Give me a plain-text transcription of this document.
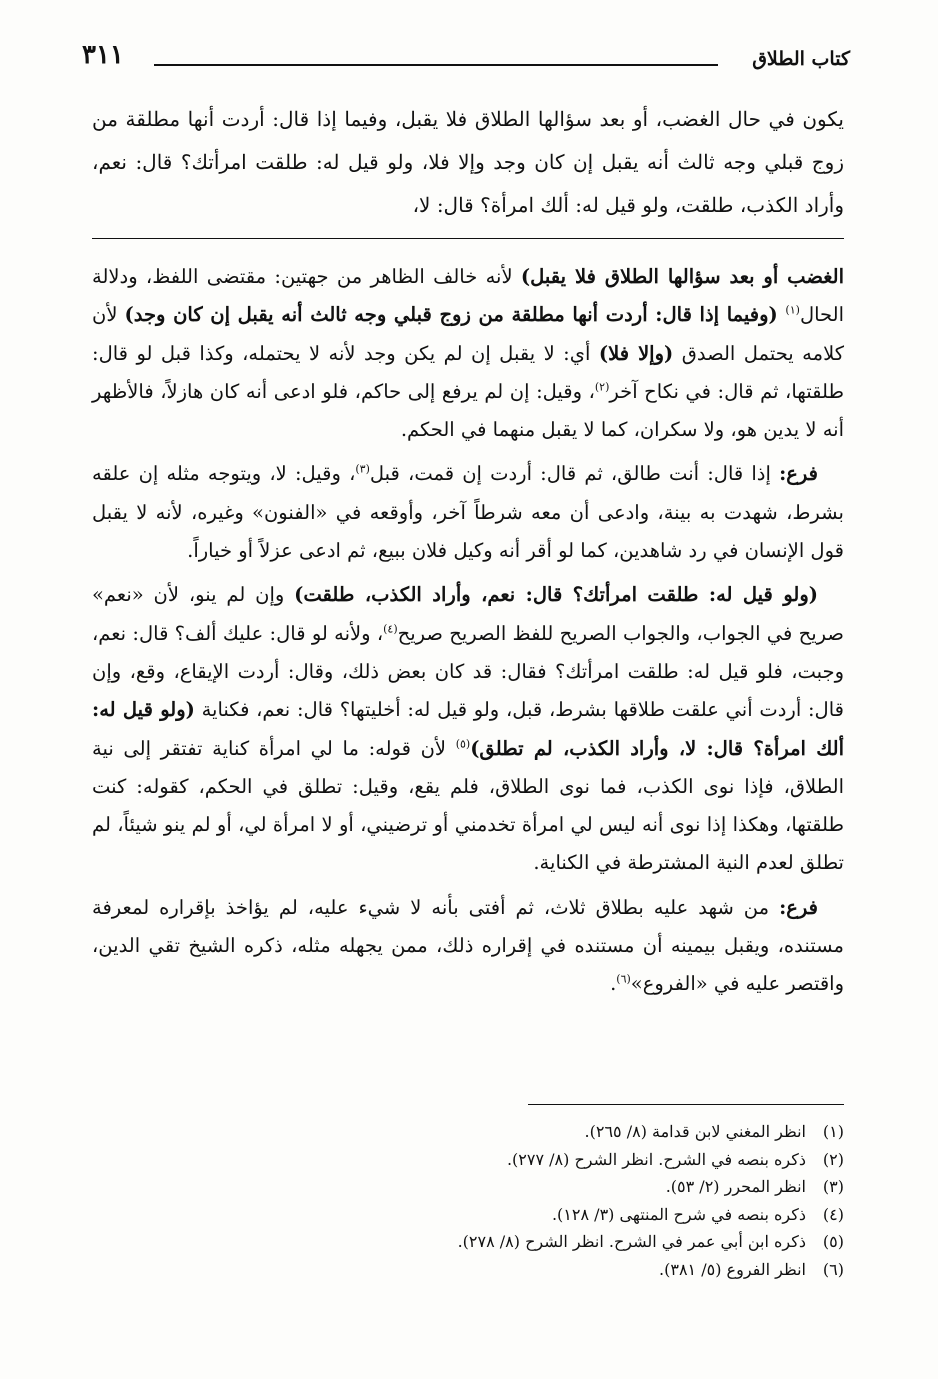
٣١١	كتاب الطلاق

يكون في حال الغضب، أو بعد سؤالها الطلاق فلا يقبل، وفيما إذا قال: أردت أنها مطلقة من زوج قبلي وجه ثالث أنه يقبل إن كان وجد وإلا فلا، ولو قيل له: طلقت امرأتك؟ قال: نعم، وأراد الكذب، طلقت، ولو قيل له: ألك امرأة؟ قال: لا،

الغضب أو بعد سؤالها الطلاق فلا يقبل) لأنه خالف الظاهر من جهتين: مقتضى اللفظ، ودلالة الحال$^{(١)}$ (وفيما إذا قال: أردت أنها مطلقة من زوج قبلي وجه ثالث أنه يقبل إن كان وجد) لأن كلامه يحتمل الصدق (وإلا فلا) أي: لا يقبل إن لم يكن وجد لأنه لا يحتمله، وكذا قبل لو قال: طلقتها، ثم قال: في نكاح آخر$^{(٢)}$، وقيل: إن لم يرفع إلى حاكم، فلو ادعى أنه كان هازلاً، فالأظهر أنه لا يدين هو، ولا سكران، كما لا يقبل منهما في الحكم.

فرع: إذا قال: أنت طالق، ثم قال: أردت إن قمت، قبل$^{(٣)}$، وقيل: لا، ويتوجه مثله إن علقه بشرط، شهدت به بينة، وادعى أن معه شرطاً آخر، وأوقعه في «الفنون» وغيره، لأنه لا يقبل قول الإنسان في رد شاهدين، كما لو أقر أنه وكيل فلان ببيع، ثم ادعى عزلاً أو خياراً.

(ولو قيل له: طلقت امرأتك؟ قال: نعم، وأراد الكذب، طلقت) وإن لم ينو، لأن «نعم» صريح في الجواب، والجواب الصريح للفظ الصريح صريح$^{(٤)}$، ولأنه لو قال: عليك ألف؟ قال: نعم، وجبت، فلو قيل له: طلقت امرأتك؟ فقال: قد كان بعض ذلك، وقال: أردت الإيقاع، وقع، وإن قال: أردت أني علقت طلاقها بشرط، قبل، ولو قيل له: أخليتها؟ قال: نعم، فكناية (ولو قيل له: ألك امرأة؟ قال: لا، وأراد الكذب، لم تطلق)$^{(٥)}$ لأن قوله: ما لي امرأة كناية تفتقر إلى نية الطلاق، فإذا نوى الكذب، فما نوى الطلاق، فلم يقع، وقيل: تطلق في الحكم، كقوله: كنت طلقتها، وهكذا إذا نوى أنه ليس لي امرأة تخدمني أو ترضيني، أو لا امرأة لي، أو لم ينو شيئاً، لم تطلق لعدم النية المشترطة في الكناية.

فرع: من شهد عليه بطلاق ثلاث، ثم أفتى بأنه لا شيء عليه، لم يؤاخذ بإقراره لمعرفة مستنده، ويقبل بيمينه أن مستنده في إقراره ذلك، ممن يجهله مثله، ذكره الشيخ تقي الدين، واقتصر عليه في «الفروع»$^{(٦)}$.

(١)انظر المغني لابن قدامة (٨/ ٢٦٥).
(٢)ذكره بنصه في الشرح. انظر الشرح (٨/ ٢٧٧).
(٣)انظر المحرر (٢/ ٥٣).
(٤)ذكره بنصه في شرح المنتهى (٣/ ١٢٨).
(٥)ذكره ابن أبي عمر في الشرح. انظر الشرح (٨/ ٢٧٨).
(٦)انظر الفروع (٥/ ٣٨١).
